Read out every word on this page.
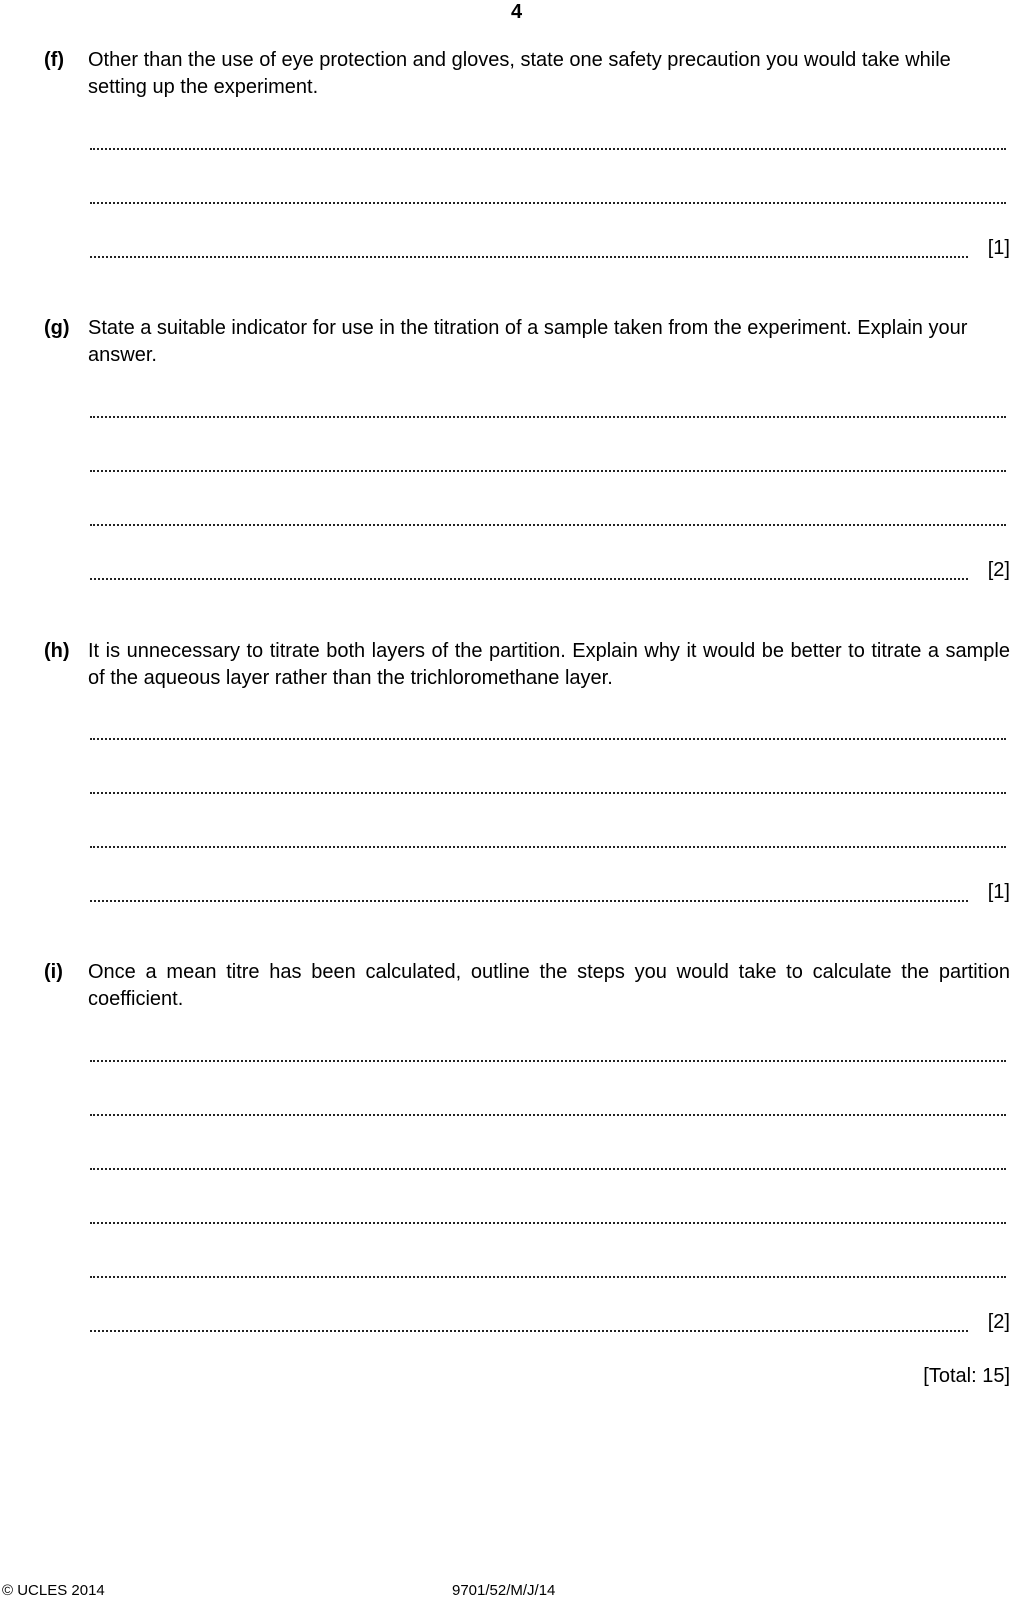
4
(f) Other than the use of eye protection and gloves, state one safety precaution you would take while setting up the experiment.
[1]
(g) State a suitable indicator for use in the titration of a sample taken from the experiment. Explain your answer.
[2]
(h) It is unnecessary to titrate both layers of the partition. Explain why it would be better to titrate a sample of the aqueous layer rather than the trichloromethane layer.
[1]
(i) Once a mean titre has been calculated, outline the steps you would take to calculate the partition coefficient.
[2]
[Total: 15]
© UCLES 2014	9701/52/M/J/14
